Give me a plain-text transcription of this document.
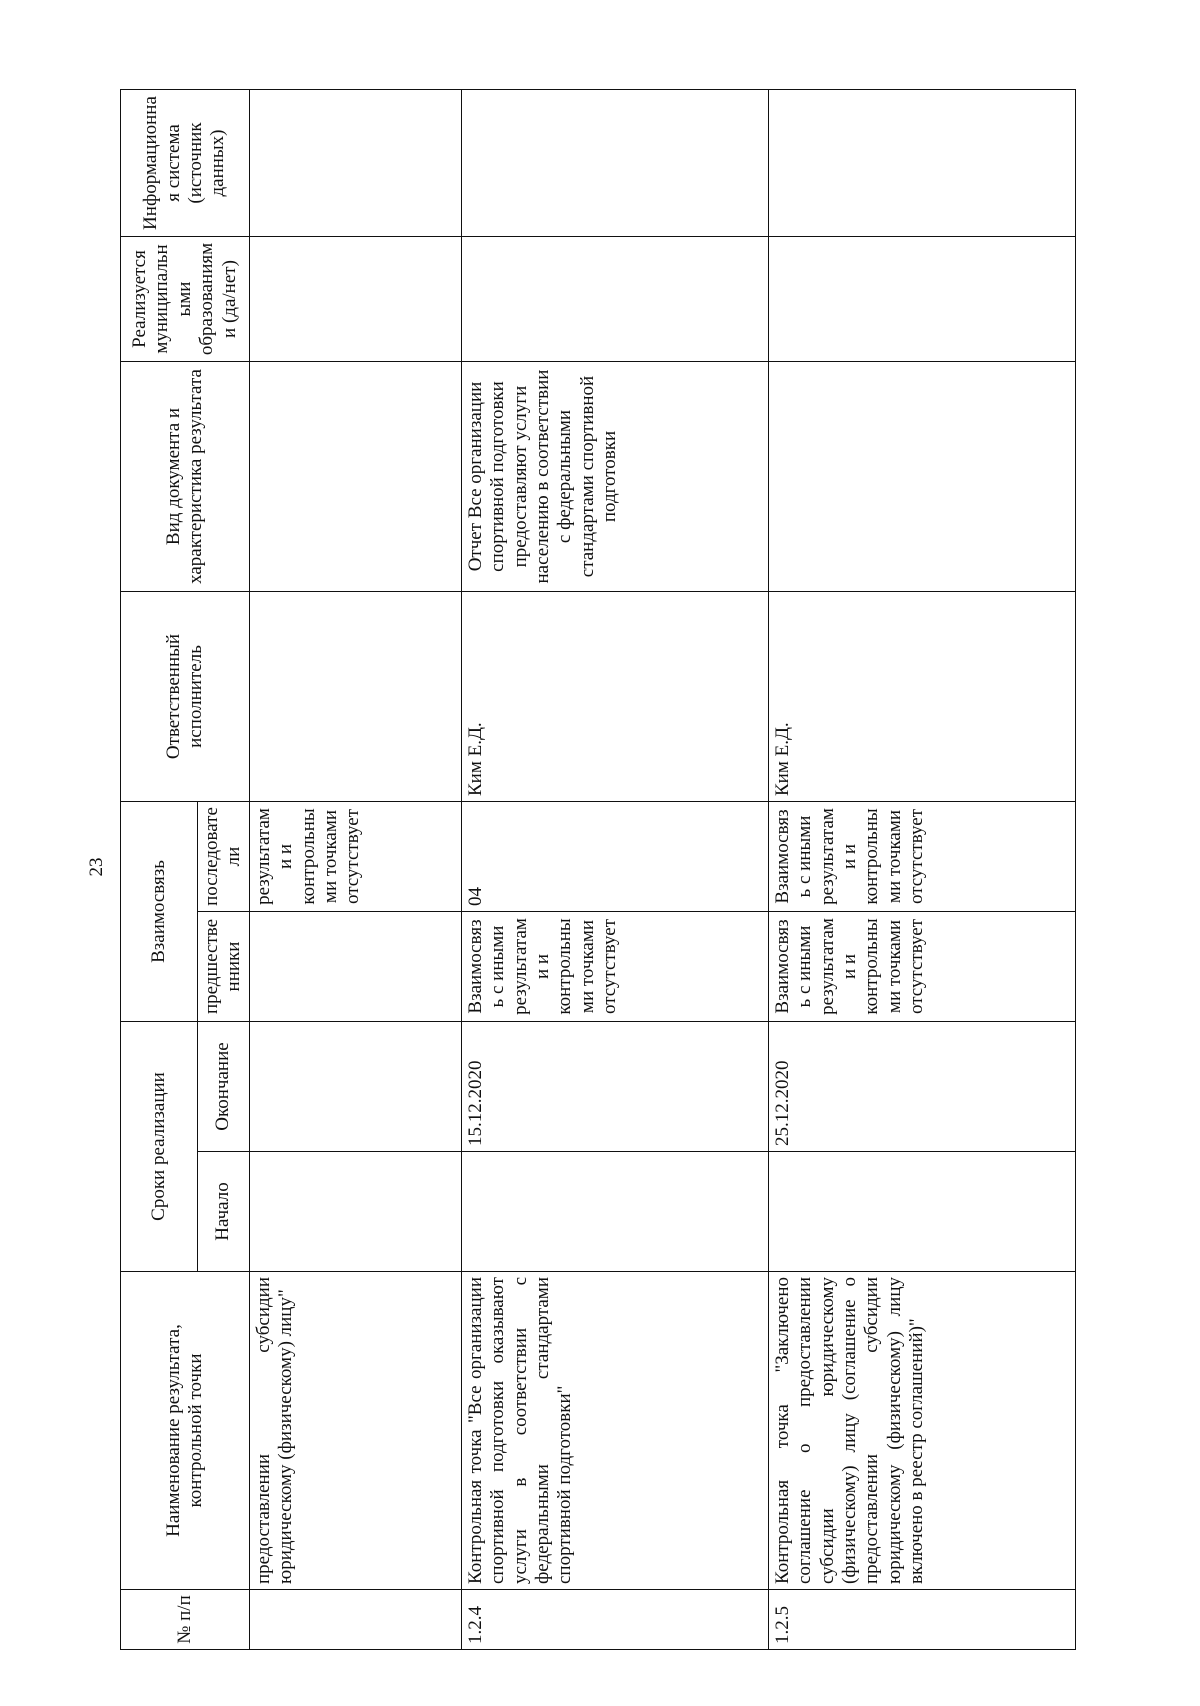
23
№ п/п	Наименование результата, контрольной точки	Сроки реализации		Взаимосвязь		Ответственный исполнитель	Вид документа и характеристика результата	Реализуется муниципальными образованиями (да/нет)	Информационная система (источник данных)
		Начало	Окончание	предшественники	последователи				
	предоставлении субсидии юридическому (физическому) лицу"				результатами и контрольными точками отсутствует				
1.2.4	Контрольная точка "Все организации спортивной подготовки оказывают услуги в соответствии с федеральными стандартами спортивной подготовки"		15.12.2020	Взаимосвязь с иными результатами и контрольными точками отсутствует	04	Ким Е.Д.	Отчет Все организации спортивной подготовки предоставляют услуги населению в соответствии с федеральными стандартами спортивной подготовки		
1.2.5	Контрольная точка "Заключено соглашение о предоставлении субсидии юридическому (физическому) лицу (соглашение о предоставлении субсидии юридическому (физическому) лицу включено в реестр соглашений)"		25.12.2020	Взаимосвязь с иными результатами и контрольными точками отсутствует	Взаимосвязь с иными результатами и контрольными точками отсутствует	Ким Е.Д.			
